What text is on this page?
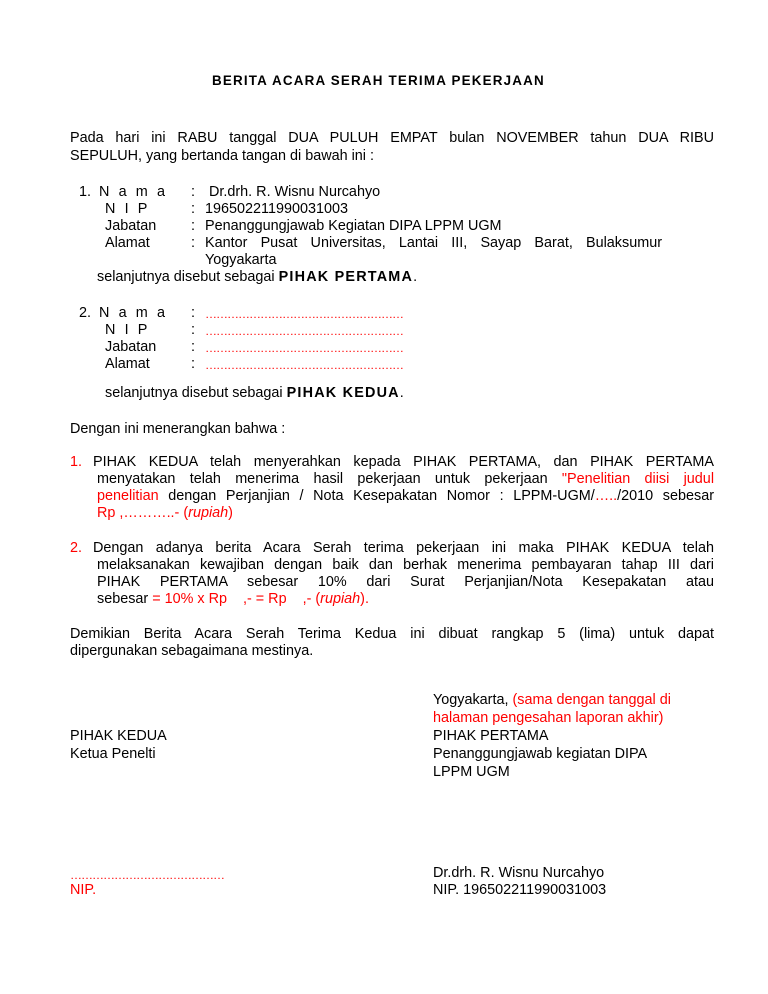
BERITA ACARA SERAH TERIMA PEKERJAAN
Pada hari ini RABU tanggal DUA PULUH EMPAT bulan NOVEMBER tahun DUA RIBU
SEPULUH, yang bertanda tangan di bawah ini :
1. N a m a
N I P
Jabatan
Alamat
:
:
:
:
Dr.drh. R. Wisnu Nurcahyo
196502211990031003
Penanggungjawab Kegiatan DIPA LPPM UGM
Kantor Pusat Universitas, Lantai III, Sayap Barat, Bulaksumur
Yogyakarta
selanjutnya disebut sebagai PIHAK PERTAMA.
2. N a m a
N I P
Jabatan
Alamat
:
:
:
:
………………………………………………
………………………………………………
………………………………………………
………………………………………………
selanjutnya disebut sebagai PIHAK KEDUA.
Dengan ini menerangkan bahwa :
1. PIHAK KEDUA telah menyerahkan kepada PIHAK PERTAMA, dan PIHAK PERTAMA
menyatakan telah menerima hasil pekerjaan untuk pekerjaan "Penelitian diisi judul
penelitian dengan Perjanjian / Nota Kesepakatan Nomor : LPPM-UGM/…../2010 sebesar
Rp ,………..- (rupiah)
2. Dengan adanya berita Acara Serah terima pekerjaan ini maka PIHAK KEDUA telah
melaksanakan kewajiban dengan baik dan berhak menerima pembayaran tahap III dari
PIHAK PERTAMA sebesar 10% dari Surat Perjanjian/Nota Kesepakatan atau
sebesar = 10% x Rp    ,- = Rp    ,- (rupiah).
Demikian Berita Acara Serah Terima Kedua ini dibuat rangkap 5 (lima) untuk dapat
dipergunakan sebagaimana mestinya.
Yogyakarta, (sama dengan tanggal di
halaman pengesahan laporan akhir)
PIHAK PERTAMA
Penanggungjawab kegiatan DIPA
LPPM UGM
Dr.drh. R. Wisnu Nurcahyo
NIP. 196502211990031003
PIHAK KEDUA
Ketua Penelti
……………………………………
NIP.
